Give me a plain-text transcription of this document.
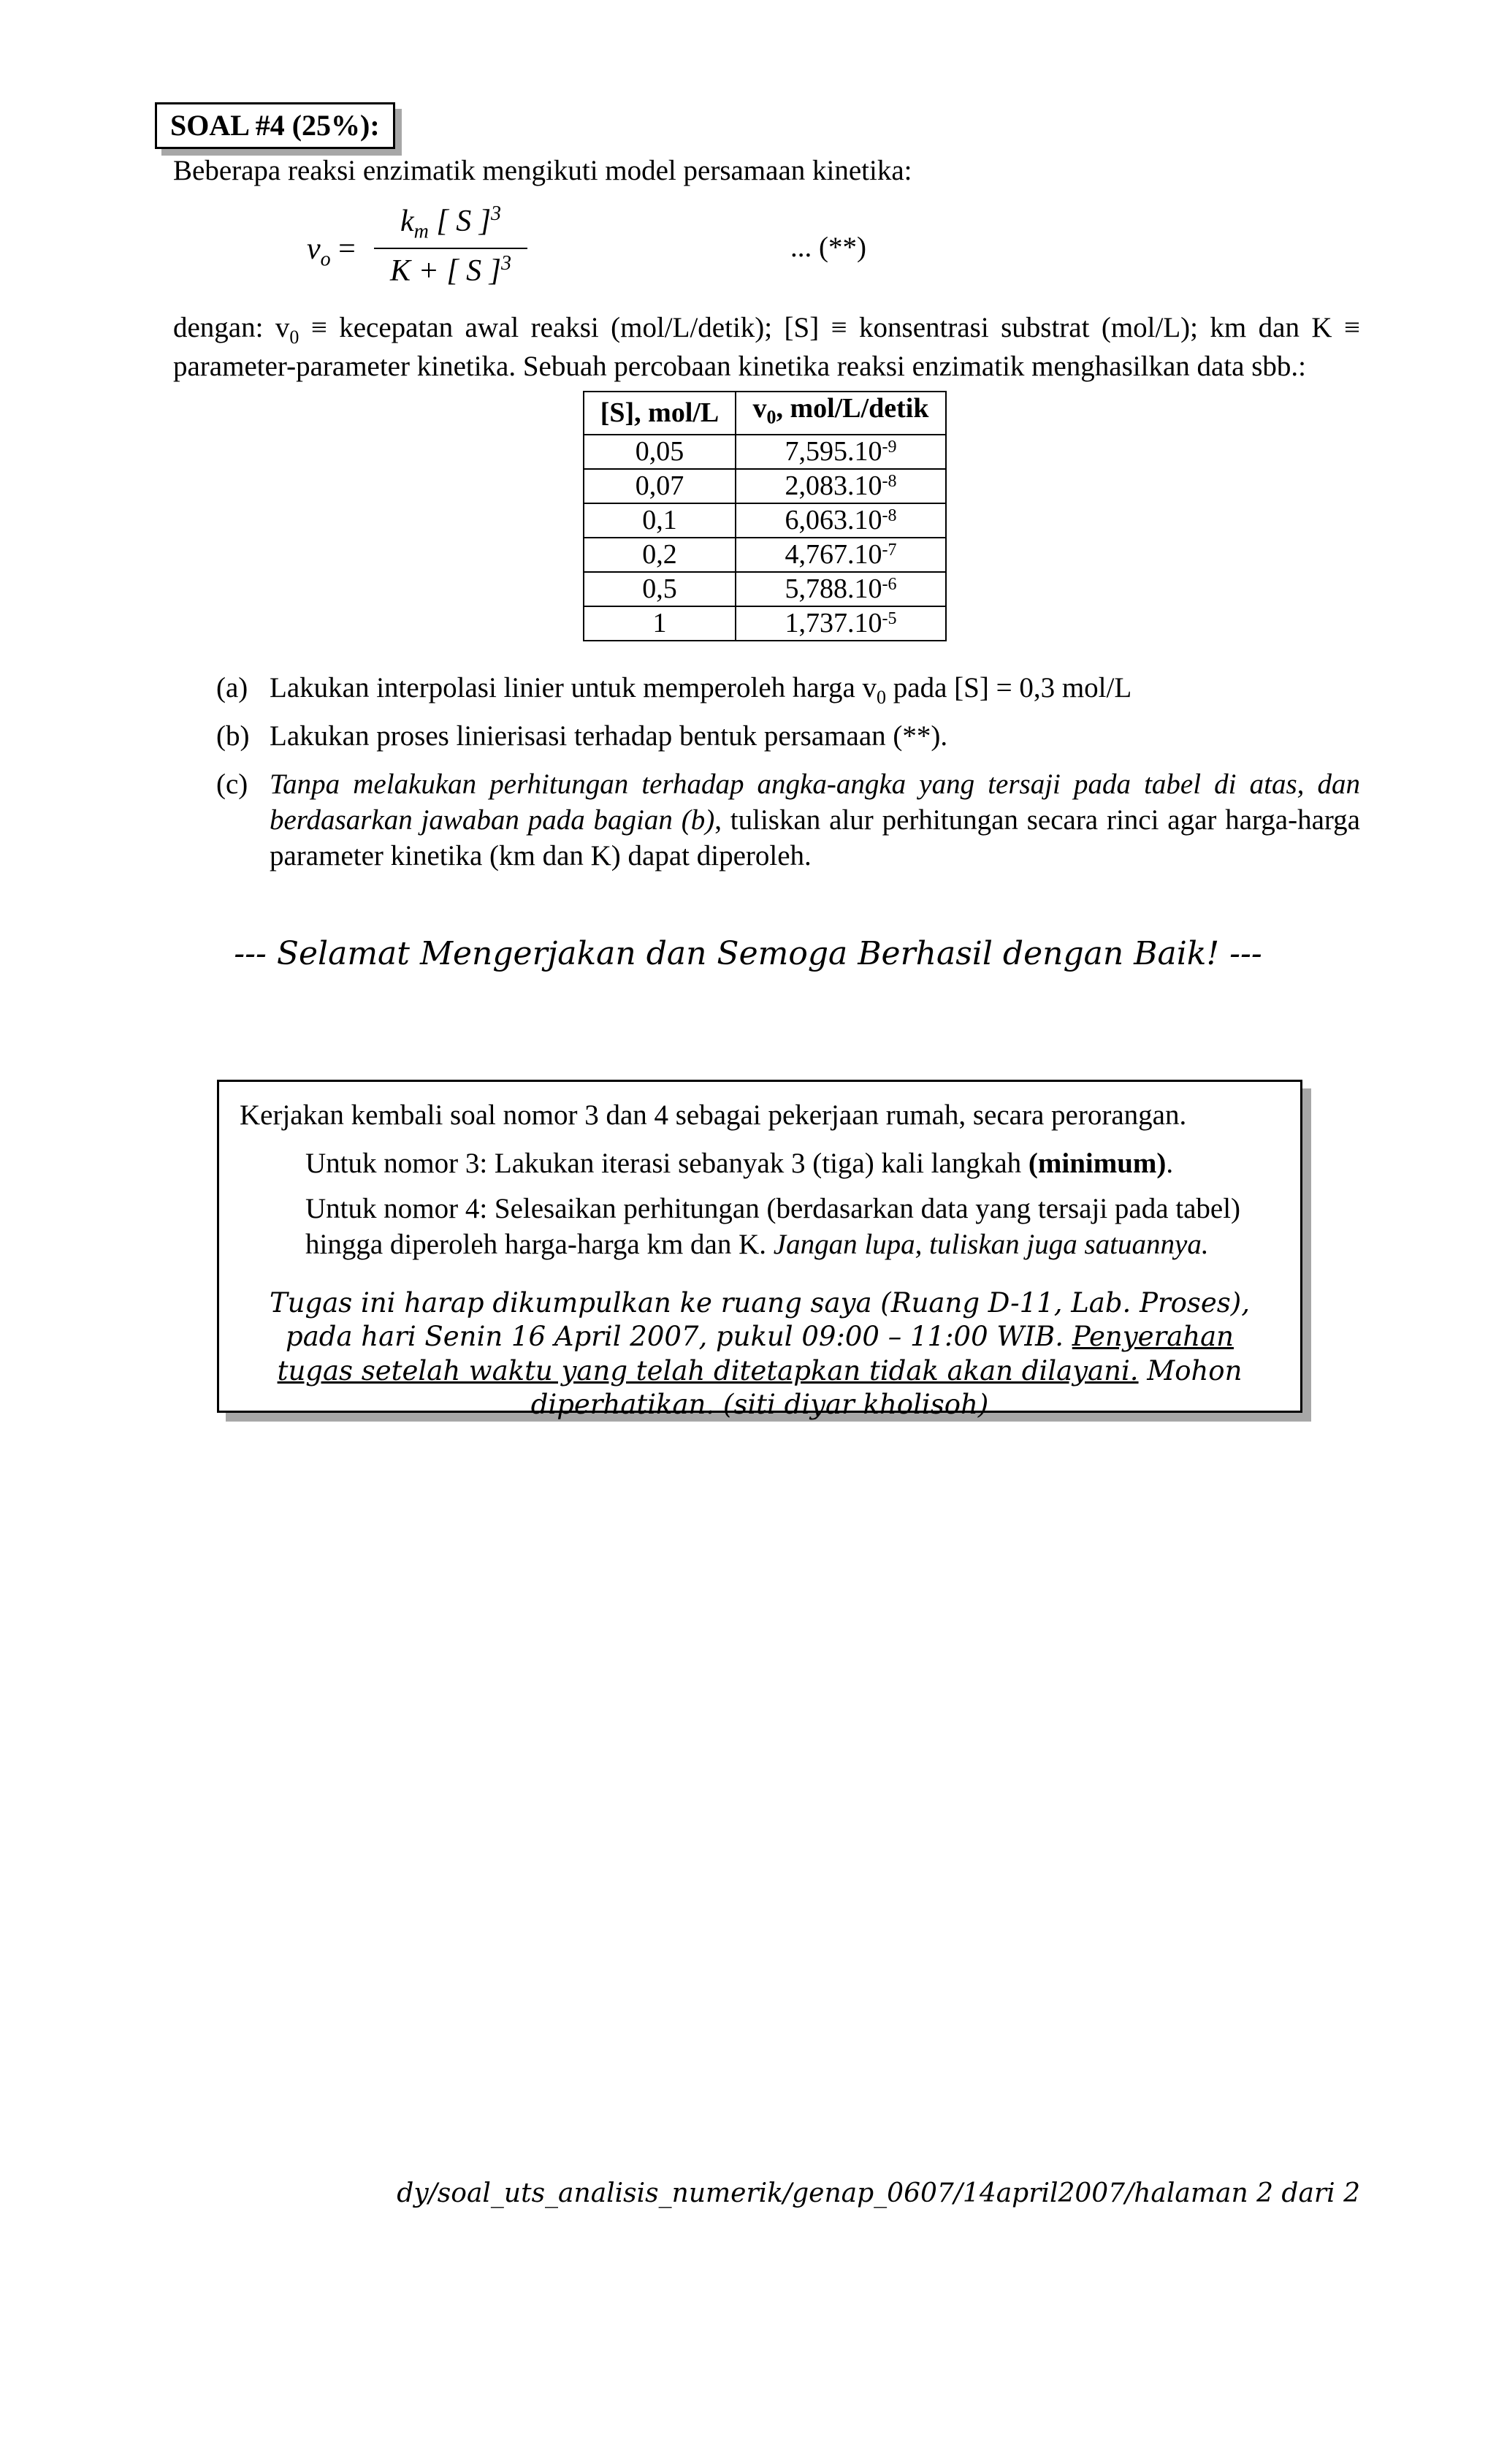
SOAL #4 (25%):
Beberapa reaksi enzimatik mengikuti model persamaan kinetika:
$v_o$ =
$k_m$ [ S ]$^3$
K + [ S ]$^3$
... (**)
dengan: $v_0$ ≡ kecepatan awal reaksi (mol/L/detik); [S] ≡ konsentrasi substrat (mol/L); km dan K ≡ parameter-parameter kinetika. Sebuah percobaan kinetika reaksi enzimatik menghasilkan data sbb.:
[S], mol/L	$v_0$, mol/L/detik
0,05	$7,595.10^{-9}$
0,07	$2,083.10^{-8}$
0,1	$6,063.10^{-8}$
0,2	$4,767.10^{-7}$
0,5	$5,788.10^{-6}$
1	$1,737.10^{-5}$
(a) Lakukan interpolasi linier untuk memperoleh harga $v_0$ pada [S] = 0,3 mol/L
(b) Lakukan proses linierisasi terhadap bentuk persamaan (**).
(c) Tanpa melakukan perhitungan terhadap angka-angka yang tersaji pada tabel di atas, dan berdasarkan jawaban pada bagian (b), tuliskan alur perhitungan secara rinci agar harga-harga parameter kinetika (km dan K) dapat diperoleh.
--- Selamat Mengerjakan dan Semoga Berhasil dengan Baik! ---
Kerjakan kembali soal nomor 3 dan 4 sebagai pekerjaan rumah, secara perorangan.
Untuk nomor 3: Lakukan iterasi sebanyak 3 (tiga) kali langkah (minimum).
Untuk nomor 4: Selesaikan perhitungan (berdasarkan data yang tersaji pada tabel) hingga diperoleh harga-harga km dan K. Jangan lupa, tuliskan juga satuannya.
Tugas ini harap dikumpulkan ke ruang saya (Ruang D-11, Lab. Proses), pada hari Senin 16 April 2007, pukul 09:00 – 11:00 WIB. Penyerahan tugas setelah waktu yang telah ditetapkan tidak akan dilayani. Mohon diperhatikan. (siti diyar kholisoh)
dy/soal_uts_analisis_numerik/genap_0607/14april2007/halaman 2 dari 2
